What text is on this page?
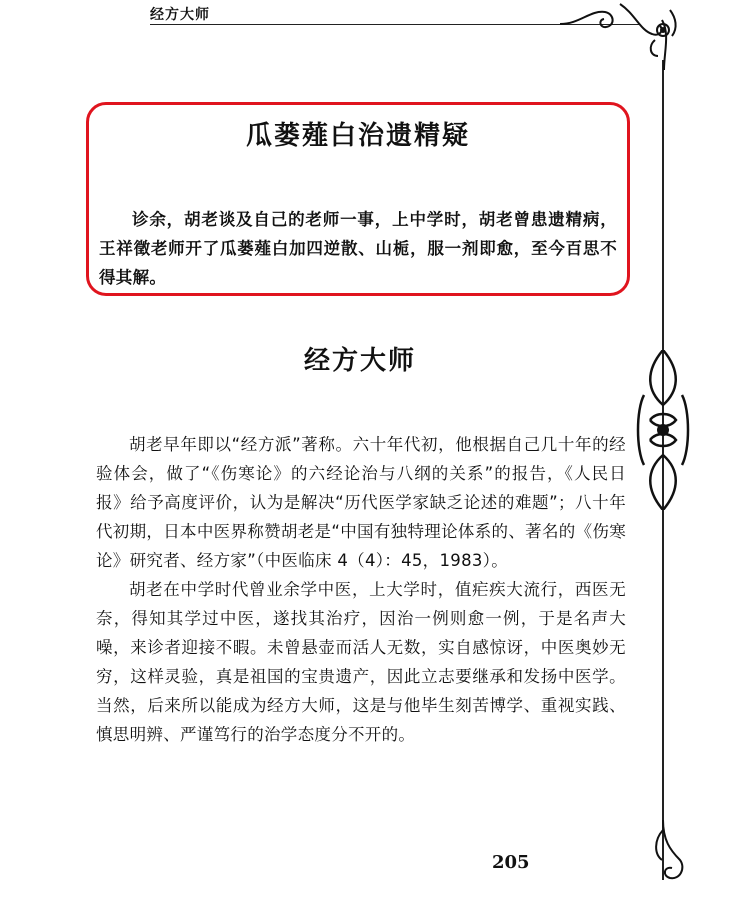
经方大师
瓜蒌薤白治遗精疑

诊余，胡老谈及自己的老师一事，上中学时，胡老曾患遗精病，王祥徵老师开了瓜蒌薤白加四逆散、山栀，服一剂即愈，至今百思不得其解。

经方大师

胡老早年即以“经方派”著称。六十年代初，他根据自己几十年的经验体会，做了“《伤寒论》的六经论治与八纲的关系”的报告，《人民日报》给予高度评价，认为是解决“历代医学家缺乏论述的难题”；八十年代初期，日本中医界称赞胡老是“中国有独特理论体系的、著名的《伤寒论》研究者、经方家”（中医临床 4（4）：45，1983）。

胡老在中学时代曾业余学中医，上大学时，值疟疾大流行，西医无奈，得知其学过中医，遂找其治疗，因治一例则愈一例，于是名声大噪，来诊者迎接不暇。未曾悬壶而活人无数，实自感惊讶，中医奥妙无穷，这样灵验，真是祖国的宝贵遗产，因此立志要继承和发扬中医学。当然，后来所以能成为经方大师，这是与他毕生刻苦博学、重视实践、慎思明辨、严谨笃行的治学态度分不开的。

205
